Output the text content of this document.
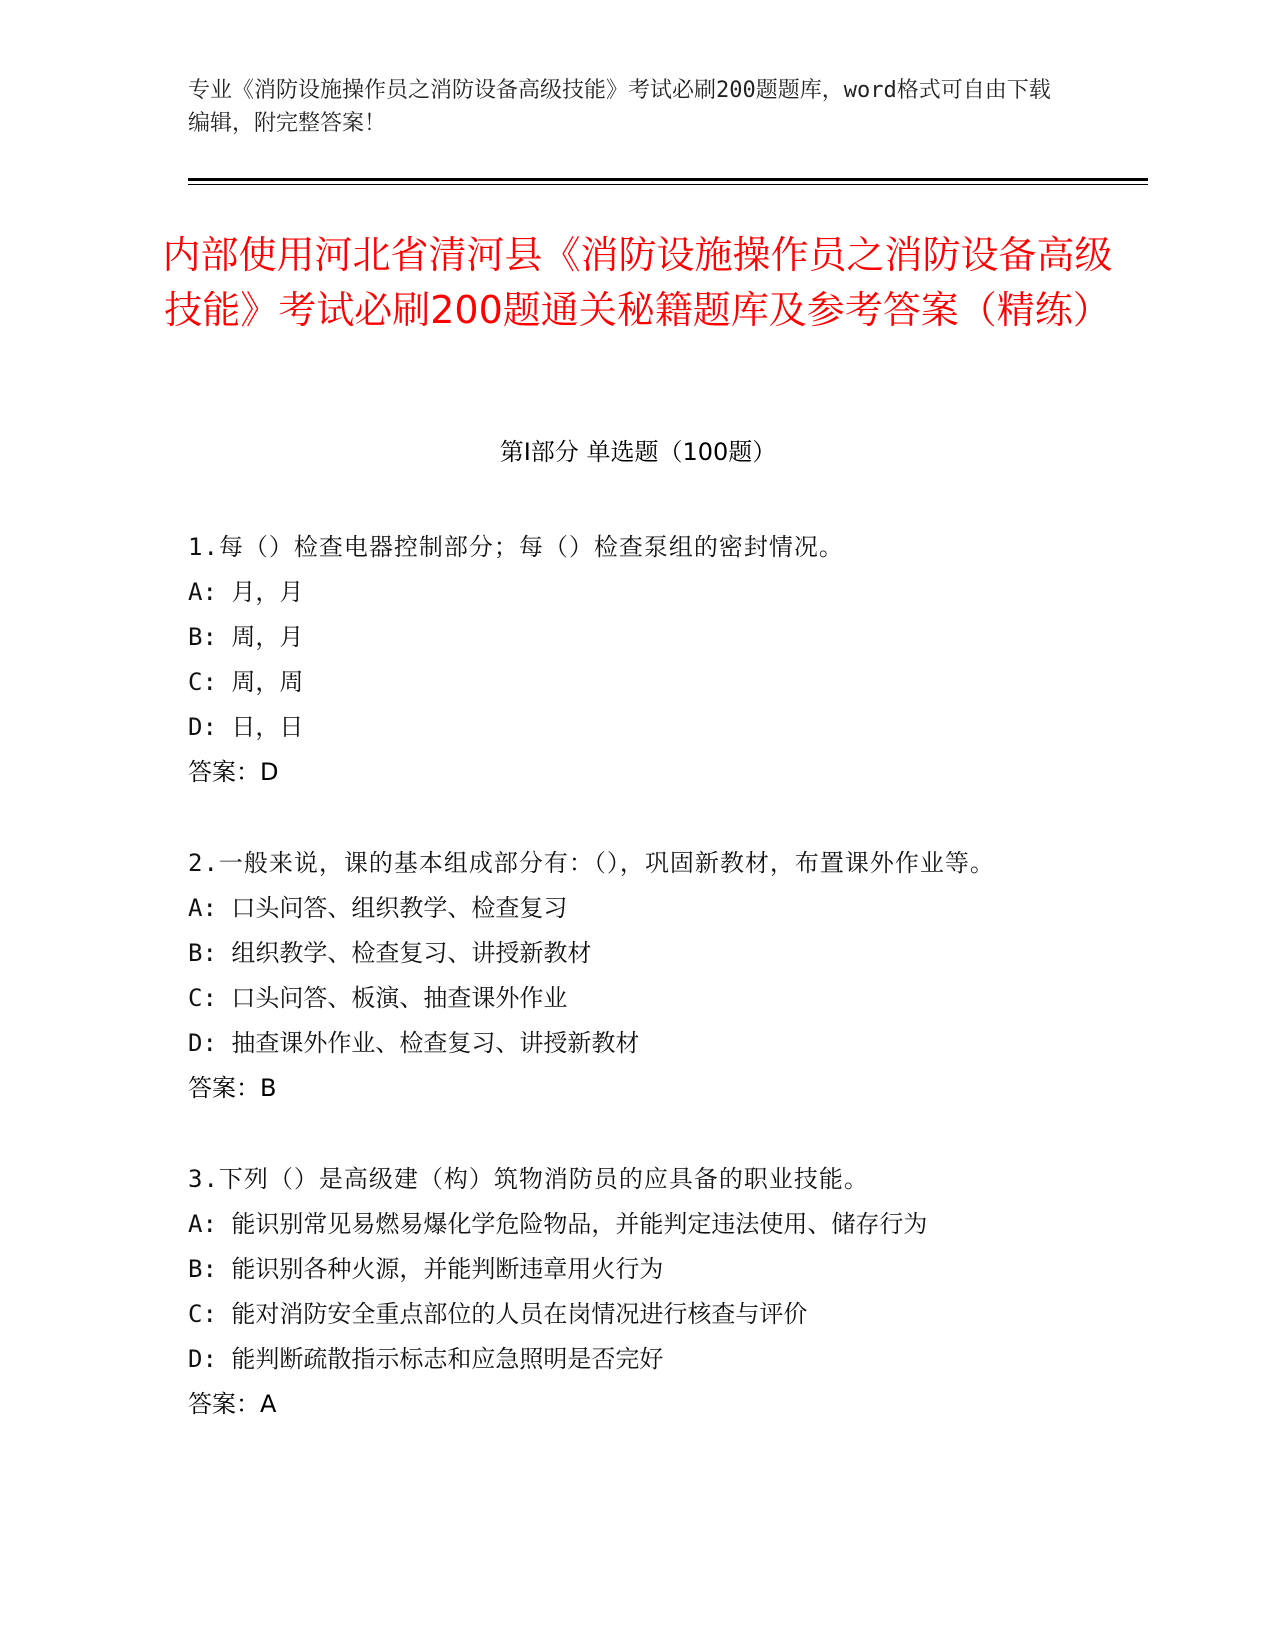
专业《消防设施操作员之消防设备高级技能》考试必刷200题题库，word格式可自由下载编辑，附完整答案！
内部使用河北省清河县《消防设施操作员之消防设备高级技能》考试必刷200题通关秘籍题库及参考答案（精练）
第Ⅰ部分 单选题（100题）

1.每（）检查电器控制部分；每（）检查泵组的密封情况。

A: 月，月

B: 周，月

C: 周，周

D: 日，日

答案：D

2.一般来说，课的基本组成部分有：（），巩固新教材，布置课外作业等。

A: 口头问答、组织教学、检查复习

B: 组织教学、检查复习、讲授新教材

C: 口头问答、板演、抽查课外作业

D: 抽查课外作业、检查复习、讲授新教材

答案：B

3.下列（）是高级建（构）筑物消防员的应具备的职业技能。

A: 能识别常见易燃易爆化学危险物品，并能判定违法使用、储存行为

B: 能识别各种火源，并能判断违章用火行为

C: 能对消防安全重点部位的人员在岗情况进行核查与评价

D: 能判断疏散指示标志和应急照明是否完好

答案：A
